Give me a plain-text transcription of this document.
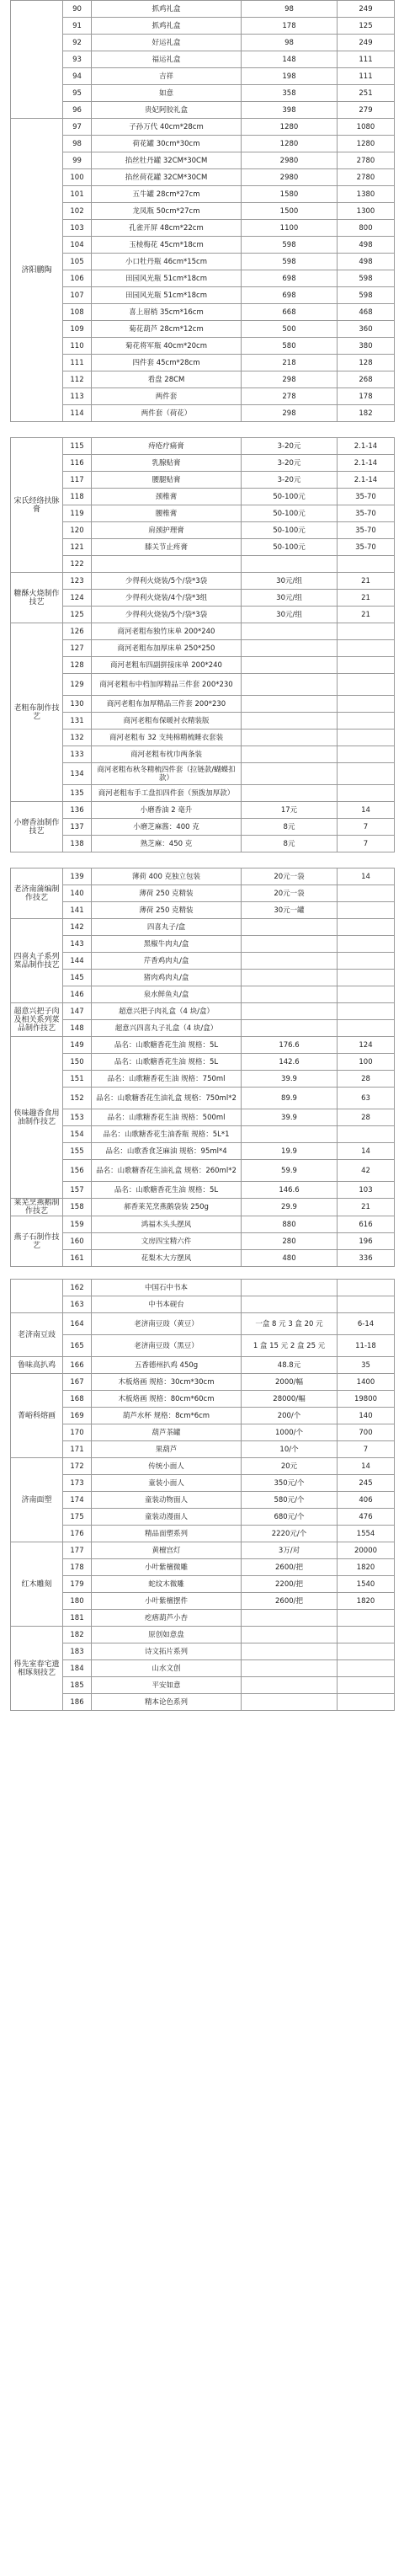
	90	抓鸡礼盒	98	249
	91	抓鸡礼盒	178	125
	92	好运礼盒	98	249
	93	福运礼盒	148	111
	94	吉祥	198	111
	95	如意	358	251
	96	贵妃阿胶礼盒	398	279
济阳鹏陶	97	子孙万代 40cm*28cm	1280	1080
	98	荷花罐 30cm*30cm	1280	1280
	99	掐丝牡丹罐 32CM*30CM	2980	2780
	100	掐丝荷花罐 32CM*30CM	2980	2780
	101	五牛罐 28cm*27cm	1580	1380
	102	龙凤瓶 50cm*27cm	1500	1300
	103	孔雀开屏 48cm*22cm	1100	800
	104	玉棱梅花 45cm*18cm	598	498
	105	小口牡丹瓶 46cm*15cm	598	498
	106	田园风光瓶 51cm*18cm	698	598
	107	田园风光瓶 51cm*18cm	698	598
	108	喜上眉梢 35cm*16cm	668	468
	109	菊花葫芦 28cm*12cm	500	360
	110	菊花将军瓶 40cm*20cm	580	380
	111	四件套 45cm*28cm	218	128
	112	看盘 28CM	298	268
	113	两件套	278	178
	114	两件套（荷花）	298	182
宋氏经络扶脉膏	115	痔疮疗痛膏	3-20元	2.1-14
	116	乳腺贴膏	3-20元	2.1-14
	117	腰腿贴膏	3-20元	2.1-14
	118	颈椎膏	50-100元	35-70
	119	腰椎膏	50-100元	35-70
	120	肩颈护理膏	50-100元	35-70
	121	膝关节止疼膏	50-100元	35-70
	122			
糖酥火烧制作技艺	123	少得利火烧装/5个/袋*3袋	30元/组	21
	124	少得利火烧装/4个/袋*3组	30元/组	21
	125	少得利火烧装/5个/袋*3袋	30元/组	21
老粗布制作技艺	126	商河老粗布独竹床单 200*240		
	127	商河老粗布加厚床单 250*250		
	128	商河老粗布四副拼接床单 200*240		
	129	商河老粗布中档加厚精品三件套 200*230		
	130	商河老粗布加厚精品三件套 200*230		
	131	商河老粗布保暖衬衣精装版		
	132	商河老粗布 32 支纯棉精梳睡衣套装		
	133	商河老粗布枕巾两条装		
	134	商河老粗布秋冬精梳四件套（拉链款/蝴蝶扣款）		
	135	商河老粗布手工盘扣四件套（预拨加厚款）		
小磨香油制作技艺	136	小磨香油 2 毫升	17元	14
	137	小磨芝麻酱：400 克	8元	7
	138	熟芝麻：450 克	8元	7
老济南蒲编制作技艺	139	薄荷 400 克独立包装	20元一袋	14
	140	薄荷 250 克精装	20元一袋	
	141	薄荷 250 克精装	30元一罐	
四喜丸子系列菜品制作技艺	142	四喜丸子/盒		
	143	黑椒牛肉丸/盒		
	144	芹香鸡肉丸/盒		
	145	猪肉鸡肉丸/盒		
	146	泉水鲜鱼丸/盒		
超意兴把子肉及相关系列菜品制作技艺	147	超意兴把子肉礼盒（4 块/盒）		
	148	超意兴四喜丸子礼盒（4 块/盒）		
侠味趣香食用油制作技艺	149	品名：山歌糖香花生油 规格：5L	176.6	124
	150	品名：山歌糖香花生油 规格：5L	142.6	100
	151	品名：山歌糖香花生油 规格：750ml	39.9	28
	152	品名：山歌糖香花生油礼盒 规格：750ml*2	89.9	63
	153	品名：山歌糖香花生油 规格：500ml	39.9	28
	154	品名：山歌糖香花生油香瓶 规格：5L*1		
	155	品名：山歌香食芝麻油 规格：95ml*4	19.9	14
	156	品名：山歌糖香花生油礼盒 规格：260ml*2	59.9	42
	157	品名：山歌糖香花生油 规格：5L	146.6	103
莱芜烹燕鹅制作技艺	158	郝香莱芜烹燕鹅袋装 250g	29.9	21
燕子石制作技艺	159	鸿福木头头摆风	880	616
	160	文房四宝精六件	280	196
	161	花梨木大方摆风	480	336
	162	中国石中书本		
	163	中书本砚台		
老济南豆豉	164	老济南豆豉（黄豆）	一盒 8 元 3 盒 20 元	6-14
	165	老济南豆豉（黑豆）	1 盒 15 元 2 盒 25 元	11-18
鲁味高扒鸡	166	五香德州扒鸡 450g	48.8元	35
菁峪科熔画	167	木板烙画 规格：30cm*30cm	2000/幅	1400
	168	木板烙画 规格：80cm*60cm	28000/幅	19800
	169	葫芦水杯 规格：8cm*6cm	200/个	140
	170	葫芦茶罐	1000/个	700
	171	果葫芦	10/个	7
济南面塑	172	传统小面人	20元	14
	173	童装小面人	350元/个	245
	174	童装动物面人	580元/个	406
	175	童装动漫面人	680元/个	476
	176	精品面塑系列	2220元/个	1554
红木雕刻	177	黄檀宫灯	3万/对	20000
	178	小叶紫檀微雕	2600/把	1820
	179	蛇纹木微雕	2200/把	1540
	180	小叶紫檀摆件	2600/把	1820
	181	疙瘩葫芦小杏		
得先室春宅遗相琢刻技艺	182	原创如意盘		
	183	诗文拓片系列		
	184	山水文创		
	185	平安如意		
	186	精本论色系列		
